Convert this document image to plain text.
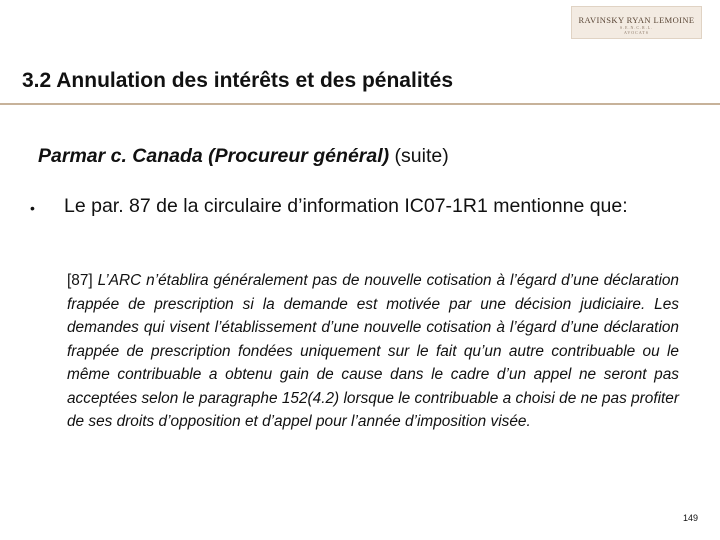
RAVINSKY RYAN LEMOINE
S.E.N.C.R.L.
AVOCATS
3.2 Annulation des intérêts et des pénalités
Parmar c. Canada (Procureur général) (suite)
• Le par. 87 de la circulaire d’information IC07-1R1 mentionne que:
[87] L’ARC n’établira généralement pas de nouvelle cotisation à l’égard d’une déclaration frappée de prescription si la demande est motivée par une décision judiciaire. Les demandes qui visent l’établissement d’une nouvelle cotisation à l’égard d’une déclaration frappée de prescription fondées uniquement sur le fait qu’un autre contribuable ou le même contribuable a obtenu gain de cause dans le cadre d’un appel ne seront pas acceptées selon le paragraphe 152(4.2) lorsque le contribuable a choisi de ne pas profiter de ses droits d’opposition et d’appel pour l’année d’imposition visée.
149
